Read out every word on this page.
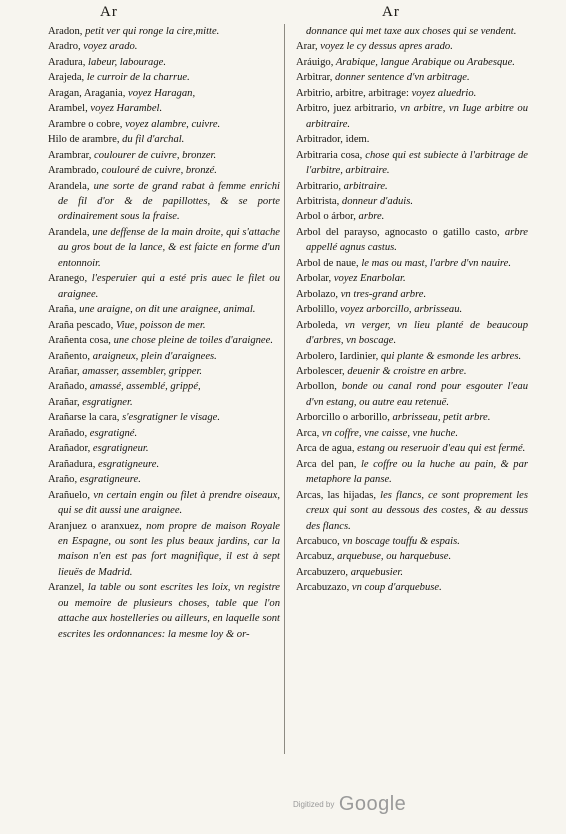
Ar	Ar

Aradon, petit ver qui ronge la cire,mitte.

Aradro, voyez arado.

Aradura, labeur, labourage.

Arajeda, le curroir de la charrue.

Aragan, Aragania, voyez Haragan,

Arambel, voyez Harambel.

Arambre o cobre, voyez alambre, cuivre.

Hilo de arambre, du fil d'archal.

Arambrar, coulourer de cuivre, bronzer.

Arambrado, coulouré de cuivre, bronzé.

Arandela, une sorte de grand rabat à femme enrichi de fil d'or & de papillottes, & se porte ordinairement sous la fraise.

Arandela, une deffense de la main droite, qui s'attache au gros bout de la lance, & est faicte en forme d'un entonnoir.

Aranego, l'esperuier qui a esté pris auec le filet ou araignee.

Araña, une araigne, on dit une araignee, animal.

Araña pescado, Viue, poisson de mer.

Arañenta cosa, une chose pleine de toiles d'araignee.

Arañento, araigneux, plein d'araignees.

Arañar, amasser, assembler, gripper.

Arañado, amassé, assemblé, grippé,

Arañar, esgratigner.

Arañarse la cara, s'esgratigner le visage.

Arañado, esgratigné.

Arañador, esgratigneur.

Arañadura, esgratigneure.

Araño, esgratigneure.

Arañuelo, vn certain engin ou filet à prendre oiseaux, qui se dit aussi une araignee.

Aranjuez o aranxuez, nom propre de maison Royale en Espagne, ou sont les plus beaux jardins, car la maison n'en est pas fort magnifique, il est à sept lieuës de Madrid.

Aranzel, la table ou sont escrites les loix, vn registre ou memoire de plusieurs choses, table que l'on attache aux hostelleries ou ailleurs, en laquelle sont escrites les ordonnances: la mesme loy & or-

donnance qui met taxe aux choses qui se vendent.

Arar, voyez le cy dessus apres arado.

Aráuigo, Arabique, langue Arabique ou Arabesque.

Arbitrar, donner sentence d'vn arbitrage.

Arbitrio, arbitre, arbitrage: voyez aluedrio.

Arbitro, juez arbitrario, vn arbitre, vn Iuge arbitre ou arbitraire.

Arbitrador, idem.

Arbitraria cosa, chose qui est subiecte à l'arbitrage de l'arbitre, arbitraire.

Arbitrario, arbitraire.

Arbitrista, donneur d'aduis.

Arbol o árbor, arbre.

Arbol del parayso, agnocasto o gatillo casto, arbre appellé agnus castus.

Arbol de naue, le mas ou mast, l'arbre d'vn nauire.

Arbolar, voyez Enarbolar.

Arbolazo, vn tres-grand arbre.

Arbolillo, voyez arborcillo, arbrisseau.

Arboleda, vn verger, vn lieu planté de beaucoup d'arbres, vn boscage.

Arbolero, Iardinier, qui plante & esmonde les arbres.

Arbolescer, deuenir & croistre en arbre.

Arbollon, bonde ou canal rond pour esgouter l'eau d'vn estang, ou autre eau retenuë.

Arborcillo o arborillo, arbrisseau, petit arbre.

Arca, vn coffre, vne caisse, vne huche.

Arca de agua, estang ou reseruoir d'eau qui est fermé.

Arca del pan, le coffre ou la huche au pain, & par metaphore la panse.

Arcas, las hijadas, les flancs, ce sont proprement les creux qui sont au dessous des costes, & au dessus des flancs.

Arcabuco, vn boscage touffu & espais.

Arcabuz, arquebuse, ou harquebuse.

Arcabuzero, arquebusier.

Arcabuzazo, vn coup d'arquebuse.

Digitized by Google
